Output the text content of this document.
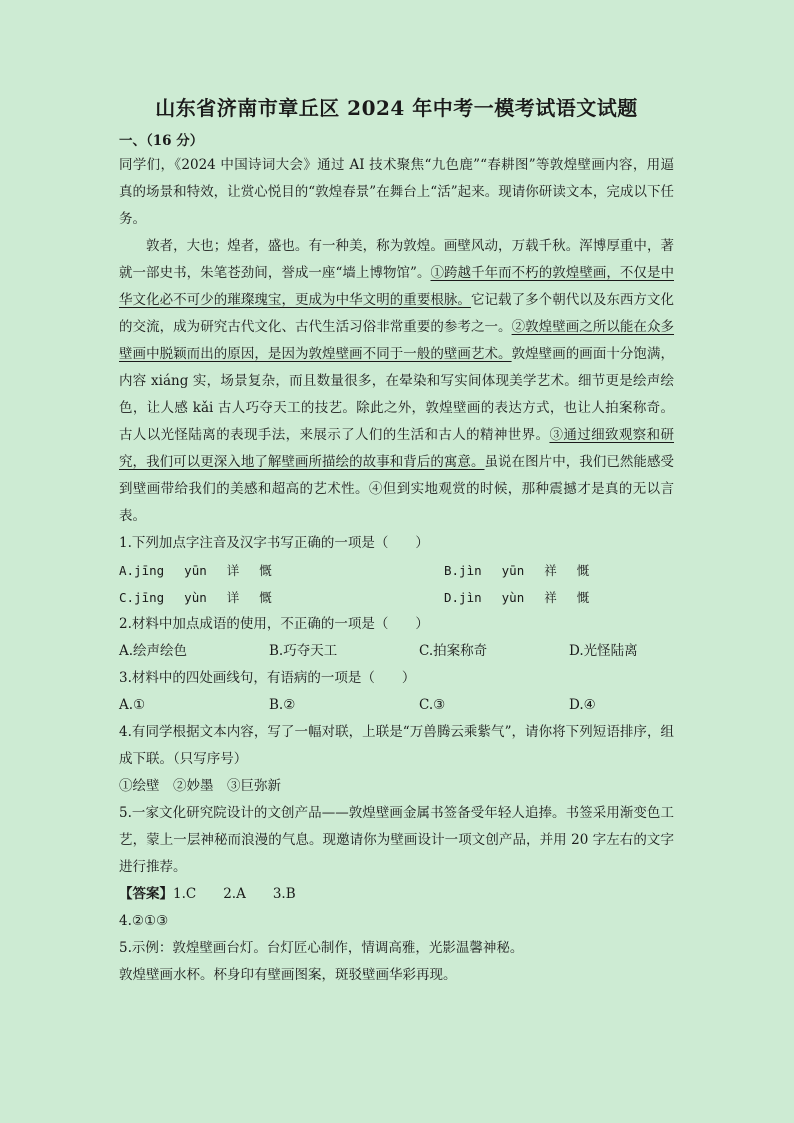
山东省济南市章丘区 2024 年中考一模考试语文试题
一、（16 分）

同学们，《2024 中国诗词大会》通过 AI 技术聚焦“九色鹿”“春耕图”等敦煌壁画内容，用逼真的场景和特效，让赏心悦目的“敦煌春景”在舞台上“活”起来。现请你研读文本，完成以下任务。

敦者，大也；煌者，盛也。有一种美，称为敦煌。画壁风动，万载千秋。浑博厚重中，著就一部史书，朱笔苍劲间，誉成一座“墙上博物馆”。①跨越千年而不朽的敦煌壁画，不仅是中华文化必不可少的璀璨瑰宝，更成为中华文明的重要根脉。它记载了多个朝代以及东西方文化的交流，成为研究古代文化、古代生活习俗非常重要的参考之一。②敦煌壁画之所以能在众多壁画中脱颖而出的原因，是因为敦煌壁画不同于一般的壁画艺术。敦煌壁画的画面十分饱满，内容 xiáng 实，场景复杂，而且数量很多，在晕染和写实间体现美学艺术。细节更是绘声绘色，让人感 kǎi 古人巧夺天工的技艺。除此之外，敦煌壁画的表达方式，也让人拍案称奇。古人以光怪陆离的表现手法，来展示了人们的生活和古人的精神世界。③通过细致观察和研究，我们可以更深入地了解壁画所描绘的故事和背后的寓意。虽说在图片中，我们已然能感受到壁画带给我们的美感和超高的艺术性。④但到实地观赏的时候，那种震撼才是真的无以言表。

1.下列加点字注音及汉字书写正确的一项是（　　）
A.jīng　 yūn　 详　 慨	B.jìn　 yūn　 祥　 慨
C.jīng　 yùn　 详　 慨	D.jìn　 yùn　 祥　 慨
2.材料中加点成语的使用，不正确的一项是（　　）
A.绘声绘色	B.巧夺天工	C.拍案称奇	D.光怪陆离
3.材料中的四处画线句，有语病的一项是（　　）
A.①	B.②	C.③	D.④

4.有同学根据文本内容，写了一幅对联，上联是“万兽腾云乘紫气”，请你将下列短语排序，组成下联。（只写序号）

①绘壁　②妙墨　③巨弥新

5.一家文化研究院设计的文创产品——敦煌壁画金属书签备受年轻人追捧。书签采用渐变色工艺，蒙上一层神秘而浪漫的气息。现邀请你为壁画设计一项文创产品，并用 20 字左右的文字进行推荐。

【答案】1.C　　2.A　　3.B

4.②①③

5.示例：敦煌壁画台灯。台灯匠心制作，情调高雅，光影温馨神秘。

敦煌壁画水杯。杯身印有壁画图案，斑驳壁画华彩再现。
